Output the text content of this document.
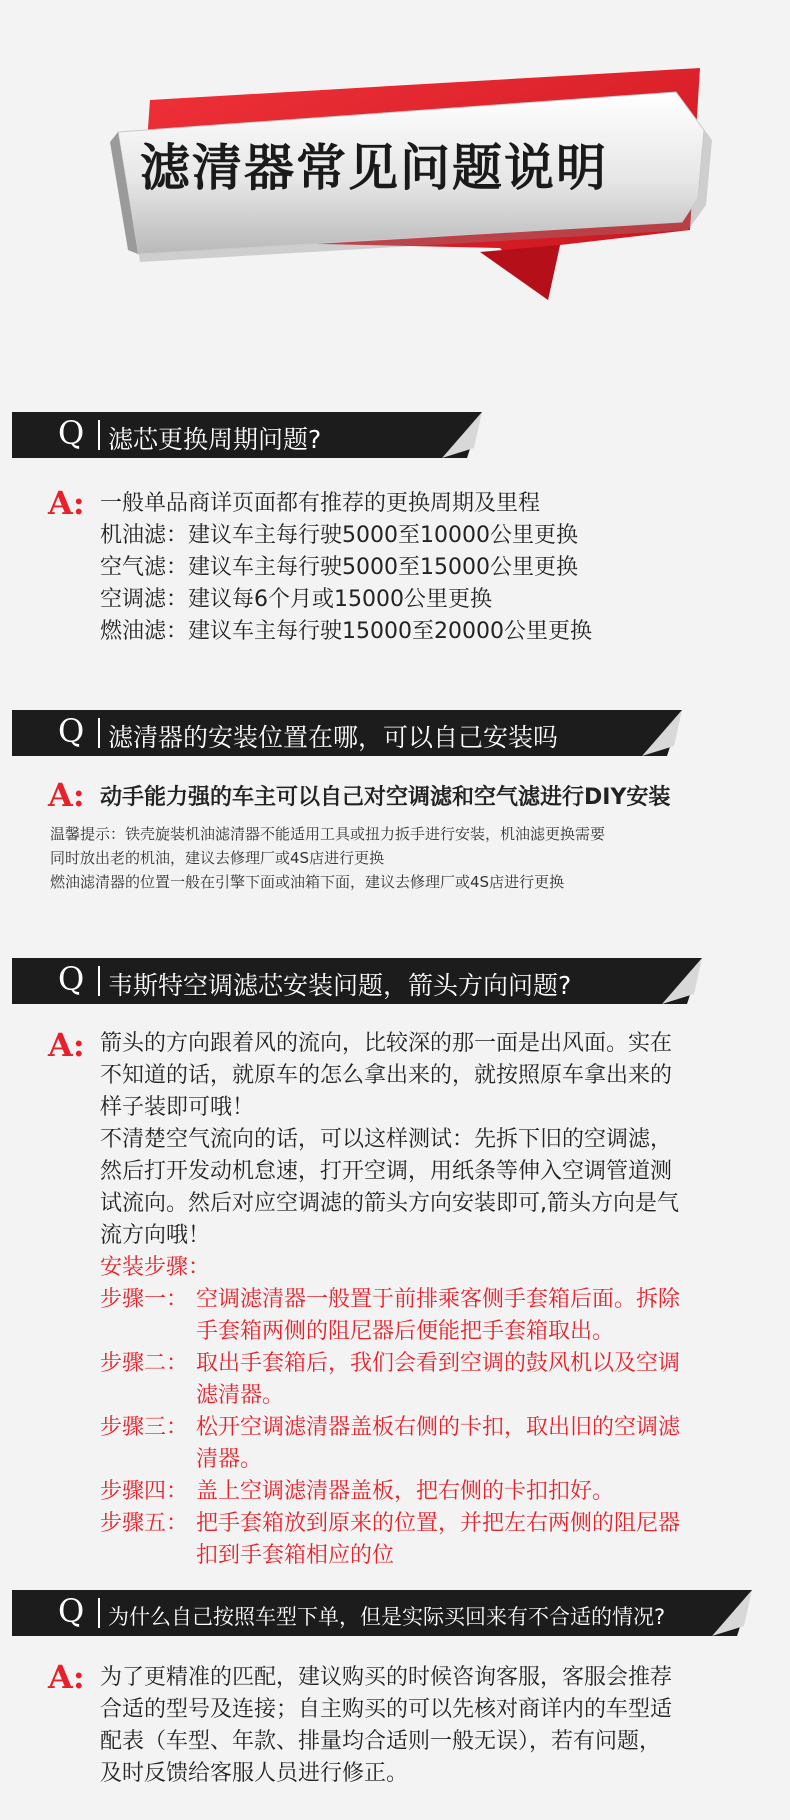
滤清器常见问题说明
Q 滤芯更换周期问题?
A: 一般单品商详页面都有推荐的更换周期及里程
机油滤：建议车主每行驶5000至10000公里更换
空气滤：建议车主每行驶5000至15000公里更换
空调滤：建议每6个月或15000公里更换
燃油滤：建议车主每行驶15000至20000公里更换
Q 滤清器的安装位置在哪，可以自己安装吗
A: 动手能力强的车主可以自己对空调滤和空气滤进行DIY安装
温馨提示：铁壳旋装机油滤清器不能适用工具或扭力扳手进行安装，机油滤更换需要
同时放出老的机油，建议去修理厂或4S店进行更换
燃油滤清器的位置一般在引擎下面或油箱下面，建议去修理厂或4S店进行更换
Q 韦斯特空调滤芯安装问题，箭头方向问题?
A: 箭头的方向跟着风的流向，比较深的那一面是出风面。实在
不知道的话，就原车的怎么拿出来的，就按照原车拿出来的
样子装即可哦！
不清楚空气流向的话，可以这样测试：先拆下旧的空调滤，
然后打开发动机怠速，打开空调，用纸条等伸入空调管道测
试流向。然后对应空调滤的箭头方向安装即可,箭头方向是气
流方向哦！
安装步骤：
步骤一： 空调滤清器一般置于前排乘客侧手套箱后面。拆除
手套箱两侧的阻尼器后便能把手套箱取出。
步骤二： 取出手套箱后，我们会看到空调的鼓风机以及空调
滤清器。
步骤三： 松开空调滤清器盖板右侧的卡扣，取出旧的空调滤
清器。
步骤四： 盖上空调滤清器盖板，把右侧的卡扣扣好。
步骤五： 把手套箱放到原来的位置，并把左右两侧的阻尼器
扣到手套箱相应的位
Q 为什么自己按照车型下单，但是实际买回来有不合适的情况?
A: 为了更精准的匹配，建议购买的时候咨询客服，客服会推荐
合适的型号及连接；自主购买的可以先核对商详内的车型适
配表（车型、年款、排量均合适则一般无误），若有问题，
及时反馈给客服人员进行修正。
